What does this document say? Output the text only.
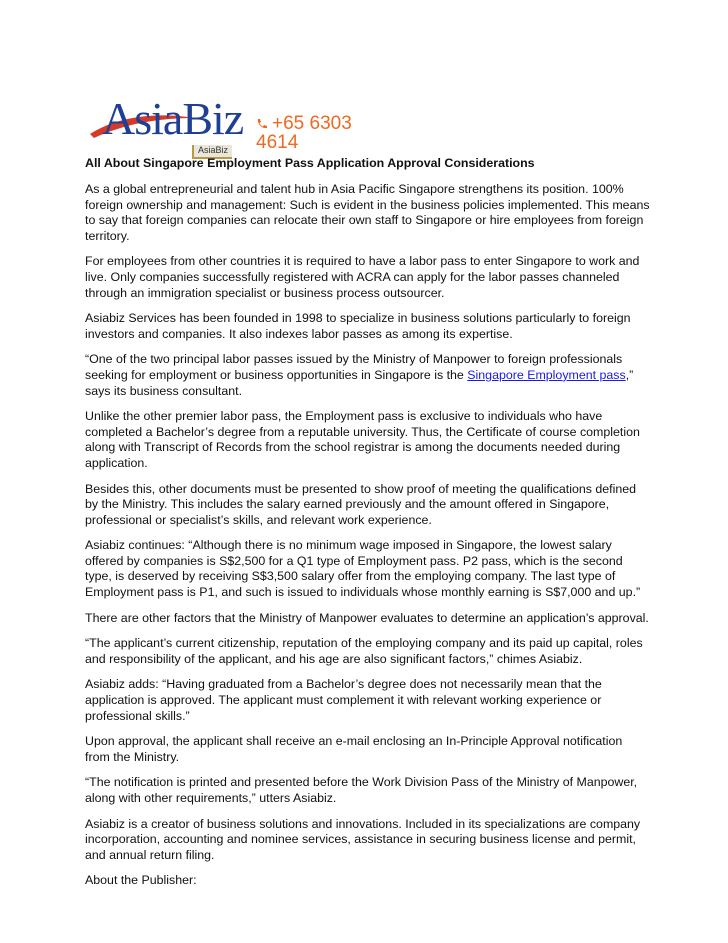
AsiaBiz	+65 6303 4614
AsiaBiz
All About Singapore Employment Pass Application Approval Considerations

As a global entrepreneurial and talent hub in Asia Pacific Singapore strengthens its position. 100% foreign ownership and management: Such is evident in the business policies implemented. This means to say that foreign companies can relocate their own staff to Singapore or hire employees from foreign territory.

For employees from other countries it is required to have a labor pass to enter Singapore to work and live. Only companies successfully registered with ACRA can apply for the labor passes channeled through an immigration specialist or business process outsourcer.

Asiabiz Services has been founded in 1998 to specialize in business solutions particularly to foreign investors and companies. It also indexes labor passes as among its expertise.

“One of the two principal labor passes issued by the Ministry of Manpower to foreign professionals seeking for employment or business opportunities in Singapore is the Singapore Employment pass,” says its business consultant.

Unlike the other premier labor pass, the Employment pass is exclusive to individuals who have completed a Bachelor’s degree from a reputable university. Thus, the Certificate of course completion along with Transcript of Records from the school registrar is among the documents needed during application.

Besides this, other documents must be presented to show proof of meeting the qualifications defined by the Ministry. This includes the salary earned previously and the amount offered in Singapore, professional or specialist’s skills, and relevant work experience.

Asiabiz continues: “Although there is no minimum wage imposed in Singapore, the lowest salary offered by companies is S$2,500 for a Q1 type of Employment pass. P2 pass, which is the second type, is deserved by receiving S$3,500 salary offer from the employing company. The last type of Employment pass is P1, and such is issued to individuals whose monthly earning is S$7,000 and up.”

There are other factors that the Ministry of Manpower evaluates to determine an application’s approval.

“The applicant’s current citizenship, reputation of the employing company and its paid up capital, roles and responsibility of the applicant, and his age are also significant factors,” chimes Asiabiz.

Asiabiz adds: “Having graduated from a Bachelor’s degree does not necessarily mean that the application is approved. The applicant must complement it with relevant working experience or professional skills.”

Upon approval, the applicant shall receive an e-mail enclosing an In-Principle Approval notification from the Ministry.

“The notification is printed and presented before the Work Division Pass of the Ministry of Manpower, along with other requirements,” utters Asiabiz.

Asiabiz is a creator of business solutions and innovations. Included in its specializations are company incorporation, accounting and nominee services, assistance in securing business license and permit, and annual return filing.

About the Publisher:
